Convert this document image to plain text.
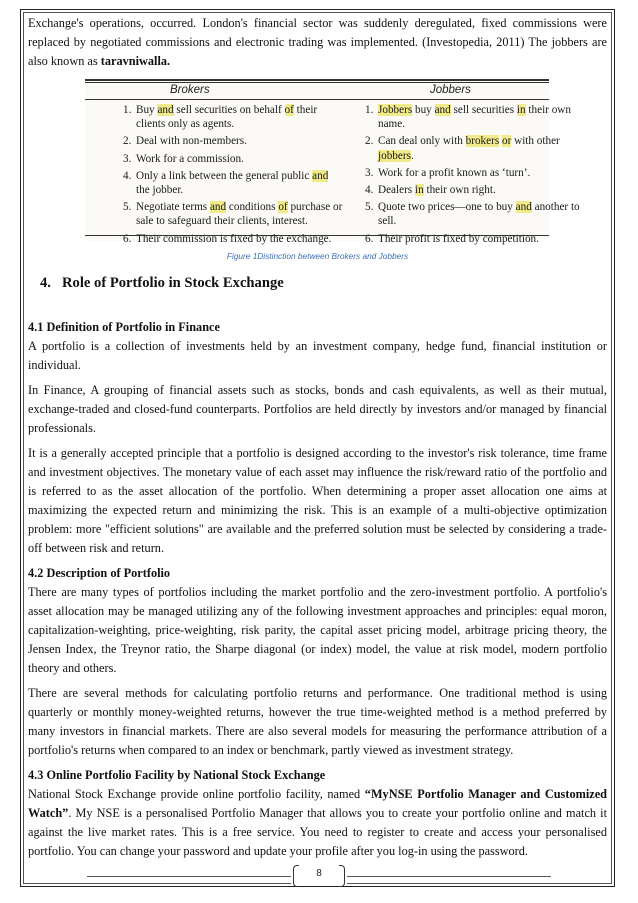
Exchange's operations, occurred. London's financial sector was suddenly deregulated, fixed commissions were replaced by negotiated commissions and electronic trading was implemented. (Investopedia, 2011) The jobbers are also known as taravniwalla.

Brokers	Jobbers
1. Buy and sell securities on behalf of their clients only as agents.
2. Deal with non-members.
3. Work for a commission.
4. Only a link between the general public and the jobber.
5. Negotiate terms and conditions of purchase or sale to safeguard their clients, interest.
6. Their commission is fixed by the exchange.
1. Jobbers buy and sell securities in their own name.
2. Can deal only with brokers or with other jobbers.
3. Work for a profit known as ‘turn’.
4. Dealers in their own right.
5. Quote two prices—one to buy and another to sell.
6. Their profit is fixed by competition.
Figure 1Distinction between Brokers and Jobbers
4. Role of Portfolio in Stock Exchange
4.1 Definition of Portfolio in Finance

A portfolio is a collection of investments held by an investment company, hedge fund, financial institution or individual.

In Finance, A grouping of financial assets such as stocks, bonds and cash equivalents, as well as their mutual, exchange-traded and closed-fund counterparts. Portfolios are held directly by investors and/or managed by financial professionals.

It is a generally accepted principle that a portfolio is designed according to the investor's risk tolerance, time frame and investment objectives. The monetary value of each asset may influence the risk/reward ratio of the portfolio and is referred to as the asset allocation of the portfolio. When determining a proper asset allocation one aims at maximizing the expected return and minimizing the risk. This is an example of a multi-objective optimization problem: more "efficient solutions" are available and the preferred solution must be selected by considering a trade-off between risk and return.

4.2 Description of Portfolio

There are many types of portfolios including the market portfolio and the zero-investment portfolio. A portfolio's asset allocation may be managed utilizing any of the following investment approaches and principles: equal moron, capitalization-weighting, price-weighting, risk parity, the capital asset pricing model, arbitrage pricing theory, the Jensen Index, the Treynor ratio, the Sharpe diagonal (or index) model, the value at risk model, modern portfolio theory and others.

There are several methods for calculating portfolio returns and performance. One traditional method is using quarterly or monthly money-weighted returns, however the true time-weighted method is a method preferred by many investors in financial markets. There are also several models for measuring the performance attribution of a portfolio's returns when compared to an index or benchmark, partly viewed as investment strategy.

4.3 Online Portfolio Facility by National Stock Exchange

National Stock Exchange provide online portfolio facility, named “MyNSE Portfolio Manager and Customized Watch”. My NSE is a personalised Portfolio Manager that allows you to create your portfolio online and match it against the live market rates. This is a free service. You need to register to create and access your personalised portfolio. You can change your password and update your profile after you log-in using the password.

8
